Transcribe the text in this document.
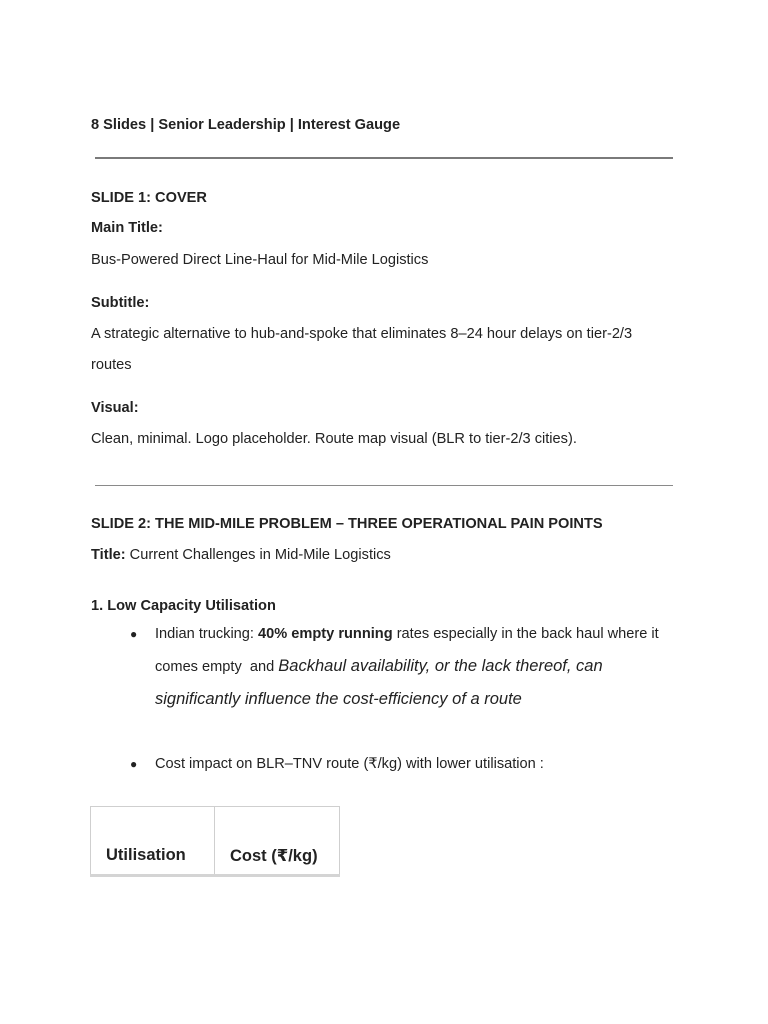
8 Slides | Senior Leadership | Interest Gauge
SLIDE 1: COVER
Main Title:
Bus-Powered Direct Line-Haul for Mid-Mile Logistics
Subtitle:
A strategic alternative to hub-and-spoke that eliminates 8–24 hour delays on tier-2/3
routes
Visual:
Clean, minimal. Logo placeholder. Route map visual (BLR to tier-2/3 cities).
SLIDE 2: THE MID-MILE PROBLEM – THREE OPERATIONAL PAIN POINTS
Title: Current Challenges in Mid-Mile Logistics
1. Low Capacity Utilisation
● Indian trucking: 40% empty running rates especially in the back haul where it
comes empty  and Backhaul availability, or the lack thereof, can
significantly influence the cost-efficiency of a route
● Cost impact on BLR–TNV route (₹/kg) with lower utilisation :
Utilisation	Cost (₹/kg)
